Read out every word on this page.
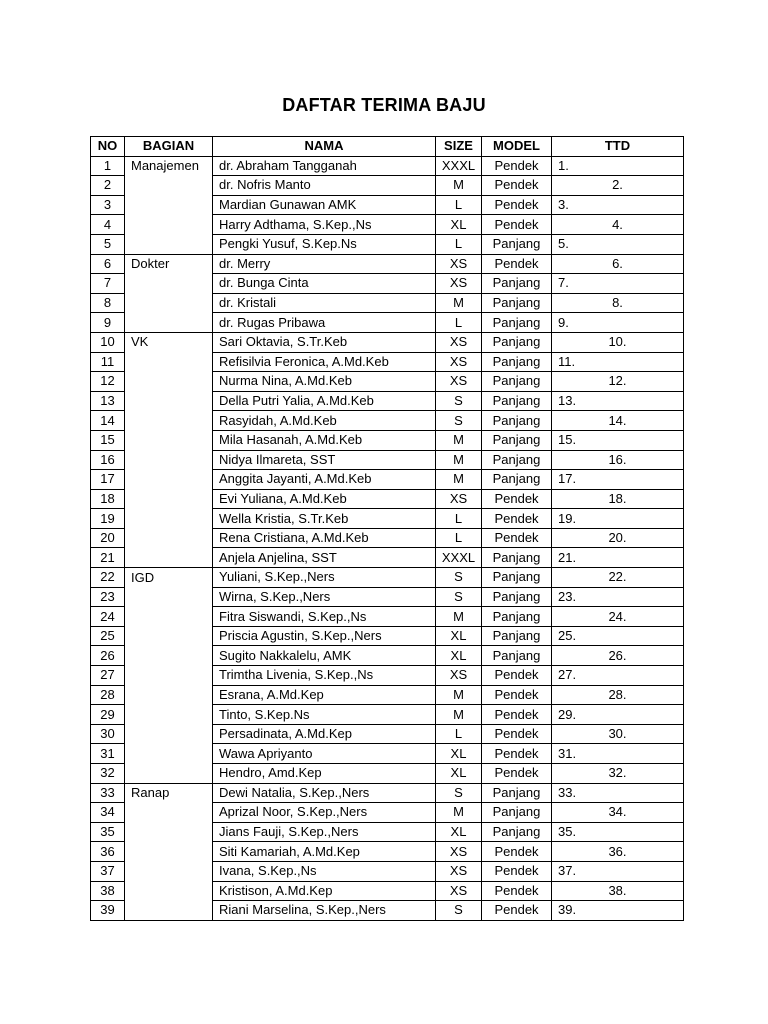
DAFTAR TERIMA BAJU
NO	BAGIAN	NAMA	SIZE	MODEL	TTD
1	Manajemen	dr. Abraham Tangganah	XXXL	Pendek	1.
2		dr. Nofris Manto	M	Pendek	2.
3		Mardian Gunawan AMK	L	Pendek	3.
4		Harry Adthama, S.Kep.,Ns	XL	Pendek	4.
5		Pengki Yusuf, S.Kep.Ns	L	Panjang	5.
6	Dokter	dr. Merry	XS	Pendek	6.
7		dr. Bunga Cinta	XS	Panjang	7.
8		dr. Kristali	M	Panjang	8.
9		dr. Rugas Pribawa	L	Panjang	9.
10	VK	Sari Oktavia, S.Tr.Keb	XS	Panjang	10.
11		Refisilvia Feronica, A.Md.Keb	XS	Panjang	11.
12		Nurma Nina, A.Md.Keb	XS	Panjang	12.
13		Della Putri Yalia, A.Md.Keb	S	Panjang	13.
14		Rasyidah, A.Md.Keb	S	Panjang	14.
15		Mila Hasanah, A.Md.Keb	M	Panjang	15.
16		Nidya Ilmareta, SST	M	Panjang	16.
17		Anggita Jayanti, A.Md.Keb	M	Panjang	17.
18		Evi Yuliana, A.Md.Keb	XS	Pendek	18.
19		Wella Kristia, S.Tr.Keb	L	Pendek	19.
20		Rena Cristiana, A.Md.Keb	L	Pendek	20.
21		Anjela Anjelina, SST	XXXL	Panjang	21.
22	IGD	Yuliani, S.Kep.,Ners	S	Panjang	22.
23		Wirna, S.Kep.,Ners	S	Panjang	23.
24		Fitra Siswandi, S.Kep.,Ns	M	Panjang	24.
25		Priscia Agustin, S.Kep.,Ners	XL	Panjang	25.
26		Sugito Nakkalelu, AMK	XL	Panjang	26.
27		Trimtha Livenia, S.Kep.,Ns	XS	Pendek	27.
28		Esrana, A.Md.Kep	M	Pendek	28.
29		Tinto, S.Kep.Ns	M	Pendek	29.
30		Persadinata, A.Md.Kep	L	Pendek	30.
31		Wawa Apriyanto	XL	Pendek	31.
32		Hendro, Amd.Kep	XL	Pendek	32.
33	Ranap	Dewi Natalia, S.Kep.,Ners	S	Panjang	33.
34		Aprizal Noor, S.Kep.,Ners	M	Panjang	34.
35		Jians Fauji, S.Kep.,Ners	XL	Panjang	35.
36		Siti Kamariah, A.Md.Kep	XS	Pendek	36.
37		Ivana, S.Kep.,Ns	XS	Pendek	37.
38		Kristison, A.Md.Kep	XS	Pendek	38.
39		Riani Marselina, S.Kep.,Ners	S	Pendek	39.
